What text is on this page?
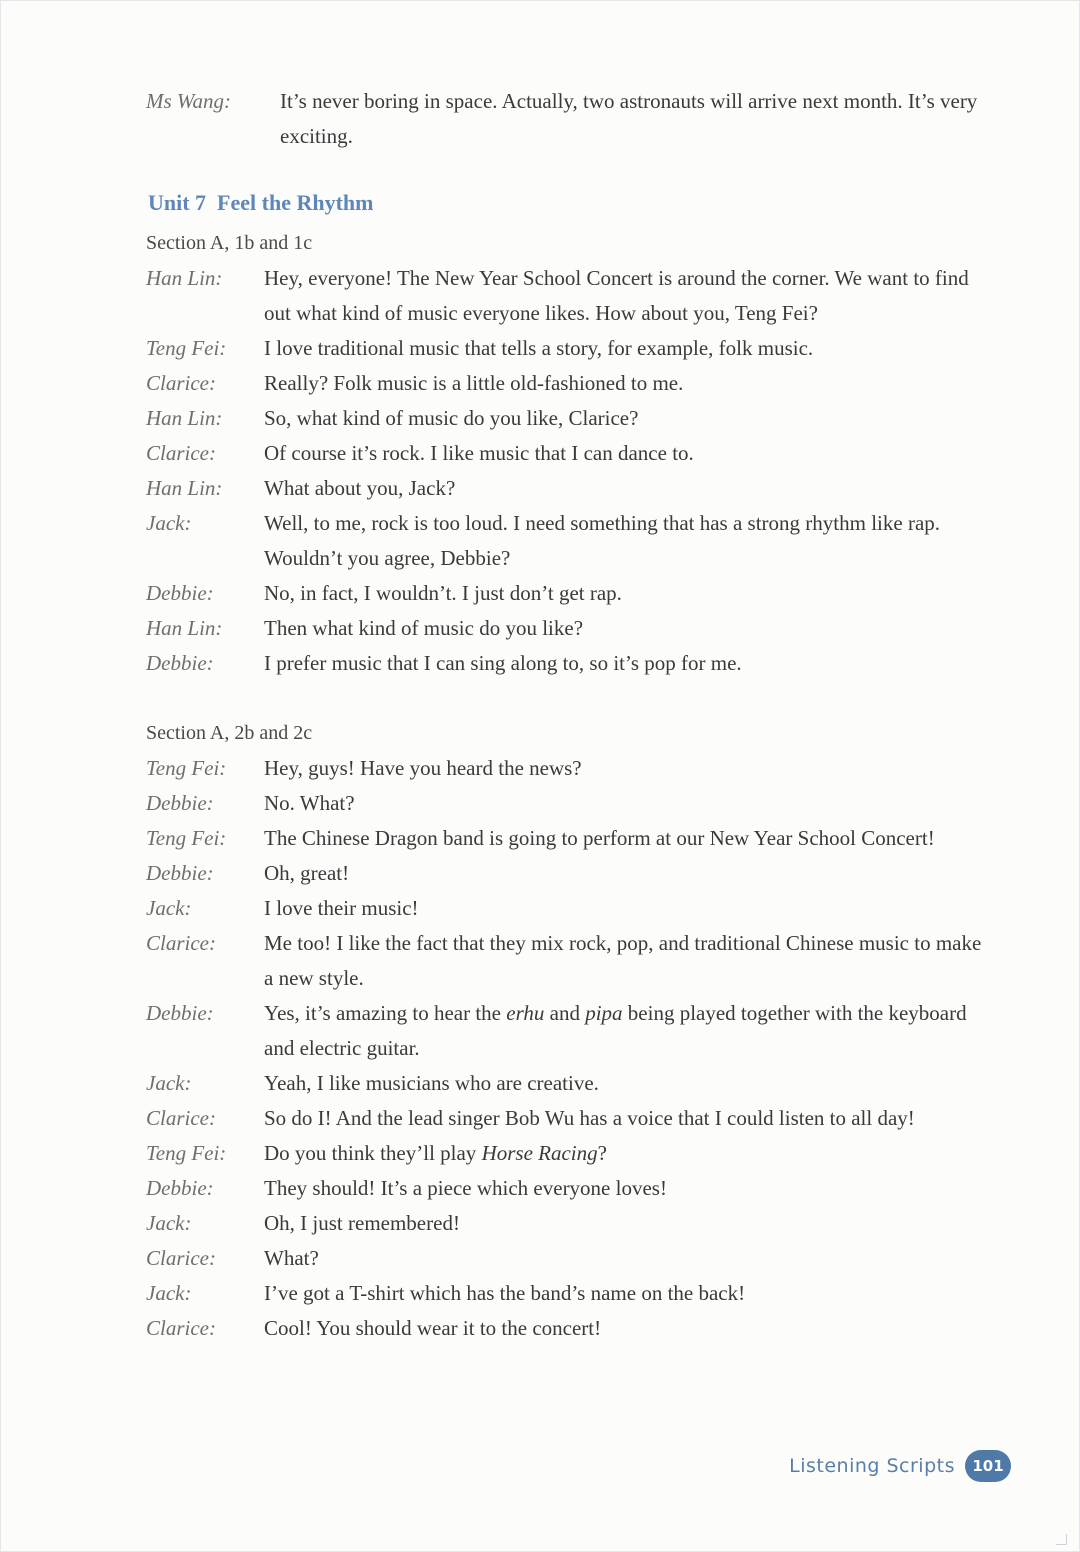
Ms Wang:	It’s never boring in space. Actually, two astronauts will arrive next month. It’s very exciting.
Unit 7  Feel the Rhythm
Section A, 1b and 1c
Han Lin:	Hey, everyone! The New Year School Concert is around the corner. We want to find out what kind of music everyone likes. How about you, Teng Fei?
Teng Fei:	I love traditional music that tells a story, for example, folk music.
Clarice:	Really? Folk music is a little old-fashioned to me.
Han Lin:	So, what kind of music do you like, Clarice?
Clarice:	Of course it’s rock. I like music that I can dance to.
Han Lin:	What about you, Jack?
Jack:	Well, to me, rock is too loud. I need something that has a strong rhythm like rap. Wouldn’t you agree, Debbie?
Debbie:	No, in fact, I wouldn’t. I just don’t get rap.
Han Lin:	Then what kind of music do you like?
Debbie:	I prefer music that I can sing along to, so it’s pop for me.
Section A, 2b and 2c
Teng Fei:	Hey, guys! Have you heard the news?
Debbie:	No. What?
Teng Fei:	The Chinese Dragon band is going to perform at our New Year School Concert!
Debbie:	Oh, great!
Jack:	I love their music!
Clarice:	Me too! I like the fact that they mix rock, pop, and traditional Chinese music to make a new style.
Debbie:	Yes, it’s amazing to hear the erhu and pipa being played together with the keyboard and electric guitar.
Jack:	Yeah, I like musicians who are creative.
Clarice:	So do I! And the lead singer Bob Wu has a voice that I could listen to all day!
Teng Fei:	Do you think they’ll play Horse Racing?
Debbie:	They should! It’s a piece which everyone loves!
Jack:	Oh, I just remembered!
Clarice:	What?
Jack:	I’ve got a T-shirt which has the band’s name on the back!
Clarice:	Cool! You should wear it to the concert!
Listening Scripts	101
